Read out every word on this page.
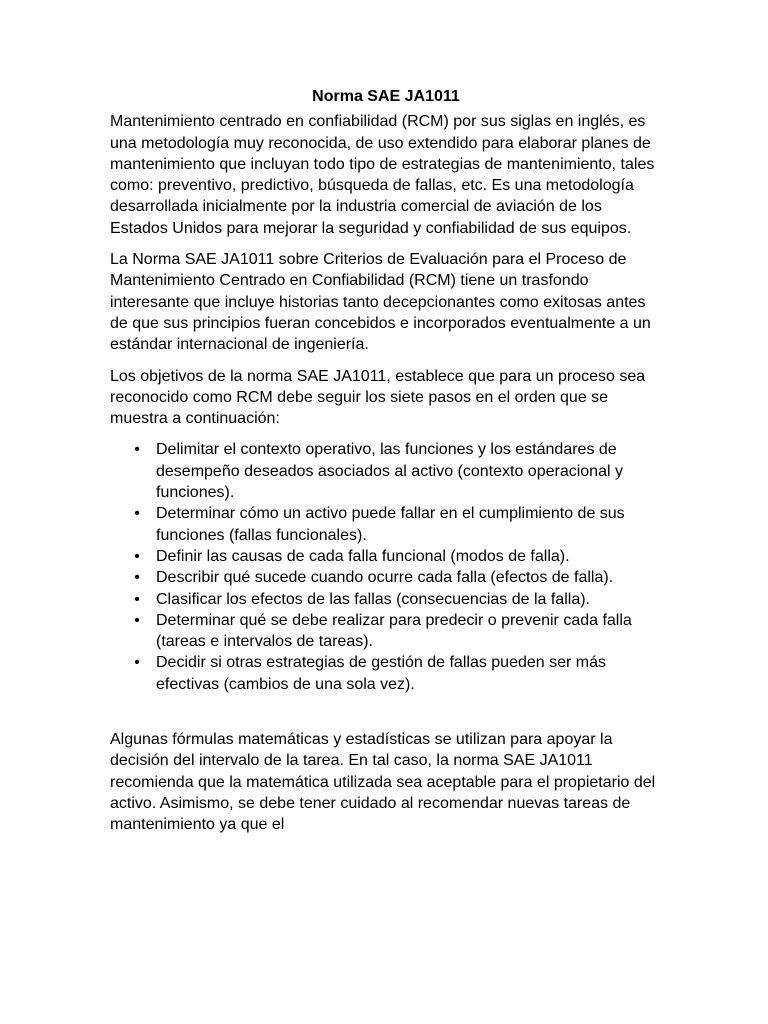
Norma SAE JA1011

Mantenimiento centrado en confiabilidad (RCM) por sus siglas en inglés, es una metodología muy reconocida, de uso extendido para elaborar planes de mantenimiento que incluyan todo tipo de estrategias de mantenimiento, tales como: preventivo, predictivo, búsqueda de fallas, etc. Es una metodología desarrollada inicialmente por la industria comercial de aviación de los Estados Unidos para mejorar la seguridad y confiabilidad de sus equipos.

La Norma SAE JA1011 sobre Criterios de Evaluación para el Proceso de Mantenimiento Centrado en Confiabilidad (RCM) tiene un trasfondo interesante que incluye historias tanto decepcionantes como exitosas antes de que sus principios fueran concebidos e incorporados eventualmente a un estándar internacional de ingeniería.

Los objetivos de la norma SAE JA1011, establece que para un proceso sea reconocido como RCM debe seguir los siete pasos en el orden que se muestra a continuación:

• Delimitar el contexto operativo, las funciones y los estándares de desempeño deseados asociados al activo (contexto operacional y funciones).
• Determinar cómo un activo puede fallar en el cumplimiento de sus funciones (fallas funcionales).
• Definir las causas de cada falla funcional (modos de falla).
• Describir qué sucede cuando ocurre cada falla (efectos de falla).
• Clasificar los efectos de las fallas (consecuencias de la falla).
• Determinar qué se debe realizar para predecir o prevenir cada falla (tareas e intervalos de tareas).
• Decidir si otras estrategias de gestión de fallas pueden ser más efectivas (cambios de una sola vez).

Algunas fórmulas matemáticas y estadísticas se utilizan para apoyar la decisión del intervalo de la tarea. En tal caso, la norma SAE JA1011 recomienda que la matemática utilizada sea aceptable para el propietario del activo. Asimismo, se debe tener cuidado al recomendar nuevas tareas de mantenimiento ya que el
